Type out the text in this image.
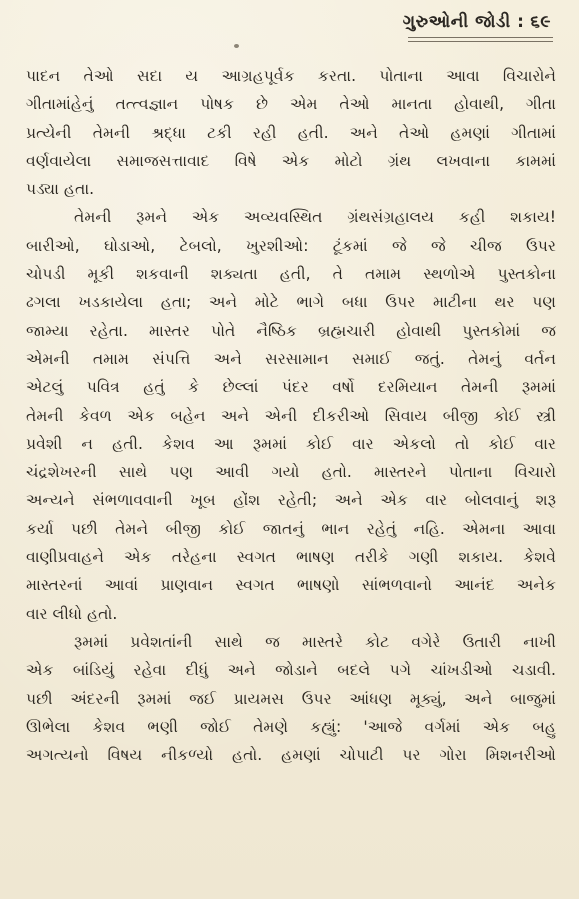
ગુરુઓની જોડી : ૬૯
પાદન તેઓ સદા ય આગ્રહપૂર્વક કરતા. પોતાના આવા વિચારોને
ગીતામાંહેનું તત્ત્વજ્ઞાન પોષક છે એમ તેઓ માનતા હોવાથી, ગીતા
પ્રત્યેની તેમની શ્રદ્ધા ટકી રહી હતી. અને તેઓ હમણાં ગીતામાં
વર્ણવાયેલા સમાજસત્તાવાદ વિષે એક મોટો ગ્રંથ લખવાના કામમાં
પડ્યા હતા.
તેમની રૂમને એક અવ્યવસ્થિત ગ્રંથસંગ્રહાલય કહી શકાય!
બારીઓ, ઘોડાઓ, ટેબલો, ખુરશીઓ: ટૂંકમાં જે જે ચીજ ઉપર
ચોપડી મૂકી શકવાની શક્યતા હતી, તે તમામ સ્થળોએ પુસ્તકોના
ઢગલા ખડકાયેલા હતા; અને મોટે ભાગે બધા ઉપર માટીના થર પણ
જામ્યા રહેતા. માસ્તર પોતે નૈષ્ઠિક બ્રહ્મચારી હોવાથી પુસ્તકોમાં જ
એમની તમામ સંપત્તિ અને સરસામાન સમાઈ જતું. તેમનું વર્તન
એટલું પવિત્ર હતું કે છેલ્લાં પંદર વર્ષો દરમિયાન તેમની રૂમમાં
તેમની કેવળ એક બહેન અને એની દીકરીઓ સિવાય બીજી કોઈ સ્ત્રી
પ્રવેશી ન હતી. કેશવ આ રૂમમાં કોઈ વાર એકલો તો કોઈ વાર
ચંદ્રશેખરની સાથે પણ આવી ગયો હતો. માસ્તરને પોતાના વિચારો
અન્યને સંભળાવવાની ખૂબ હોંશ રહેતી; અને એક વાર બોલવાનું શરૂ
કર્યા પછી તેમને બીજી કોઈ જાતનું ભાન રહેતું નહિ. એમના આવા
વાણીપ્રવાહને એક તરેહના સ્વગત ભાષણ તરીકે ગણી શકાય. કેશવે
માસ્તરનાં આવાં પ્રાણવાન સ્વગત ભાષણો સાંભળવાનો આનંદ અનેક
વાર લીધો હતો.
રૂમમાં પ્રવેશતાંની સાથે જ માસ્તરે કોટ વગેરે ઉતારી નાખી
એક બાંડિયું રહેવા દીધું અને જોડાને બદલે પગે ચાંખડીઓ ચડાવી.
પછી અંદરની રૂમમાં જઈ પ્રાયમસ ઉપર આંધણ મૂક્યું, અને બાજુમાં
ઊભેલા કેશવ ભણી જોઈ તેમણે કહ્યું: 'આજે વર્ગમાં એક બહુ
અગત્યનો વિષય નીકળ્યો હતો. હમણાં ચોપાટી પર ગોરા મિશનરીઓ
